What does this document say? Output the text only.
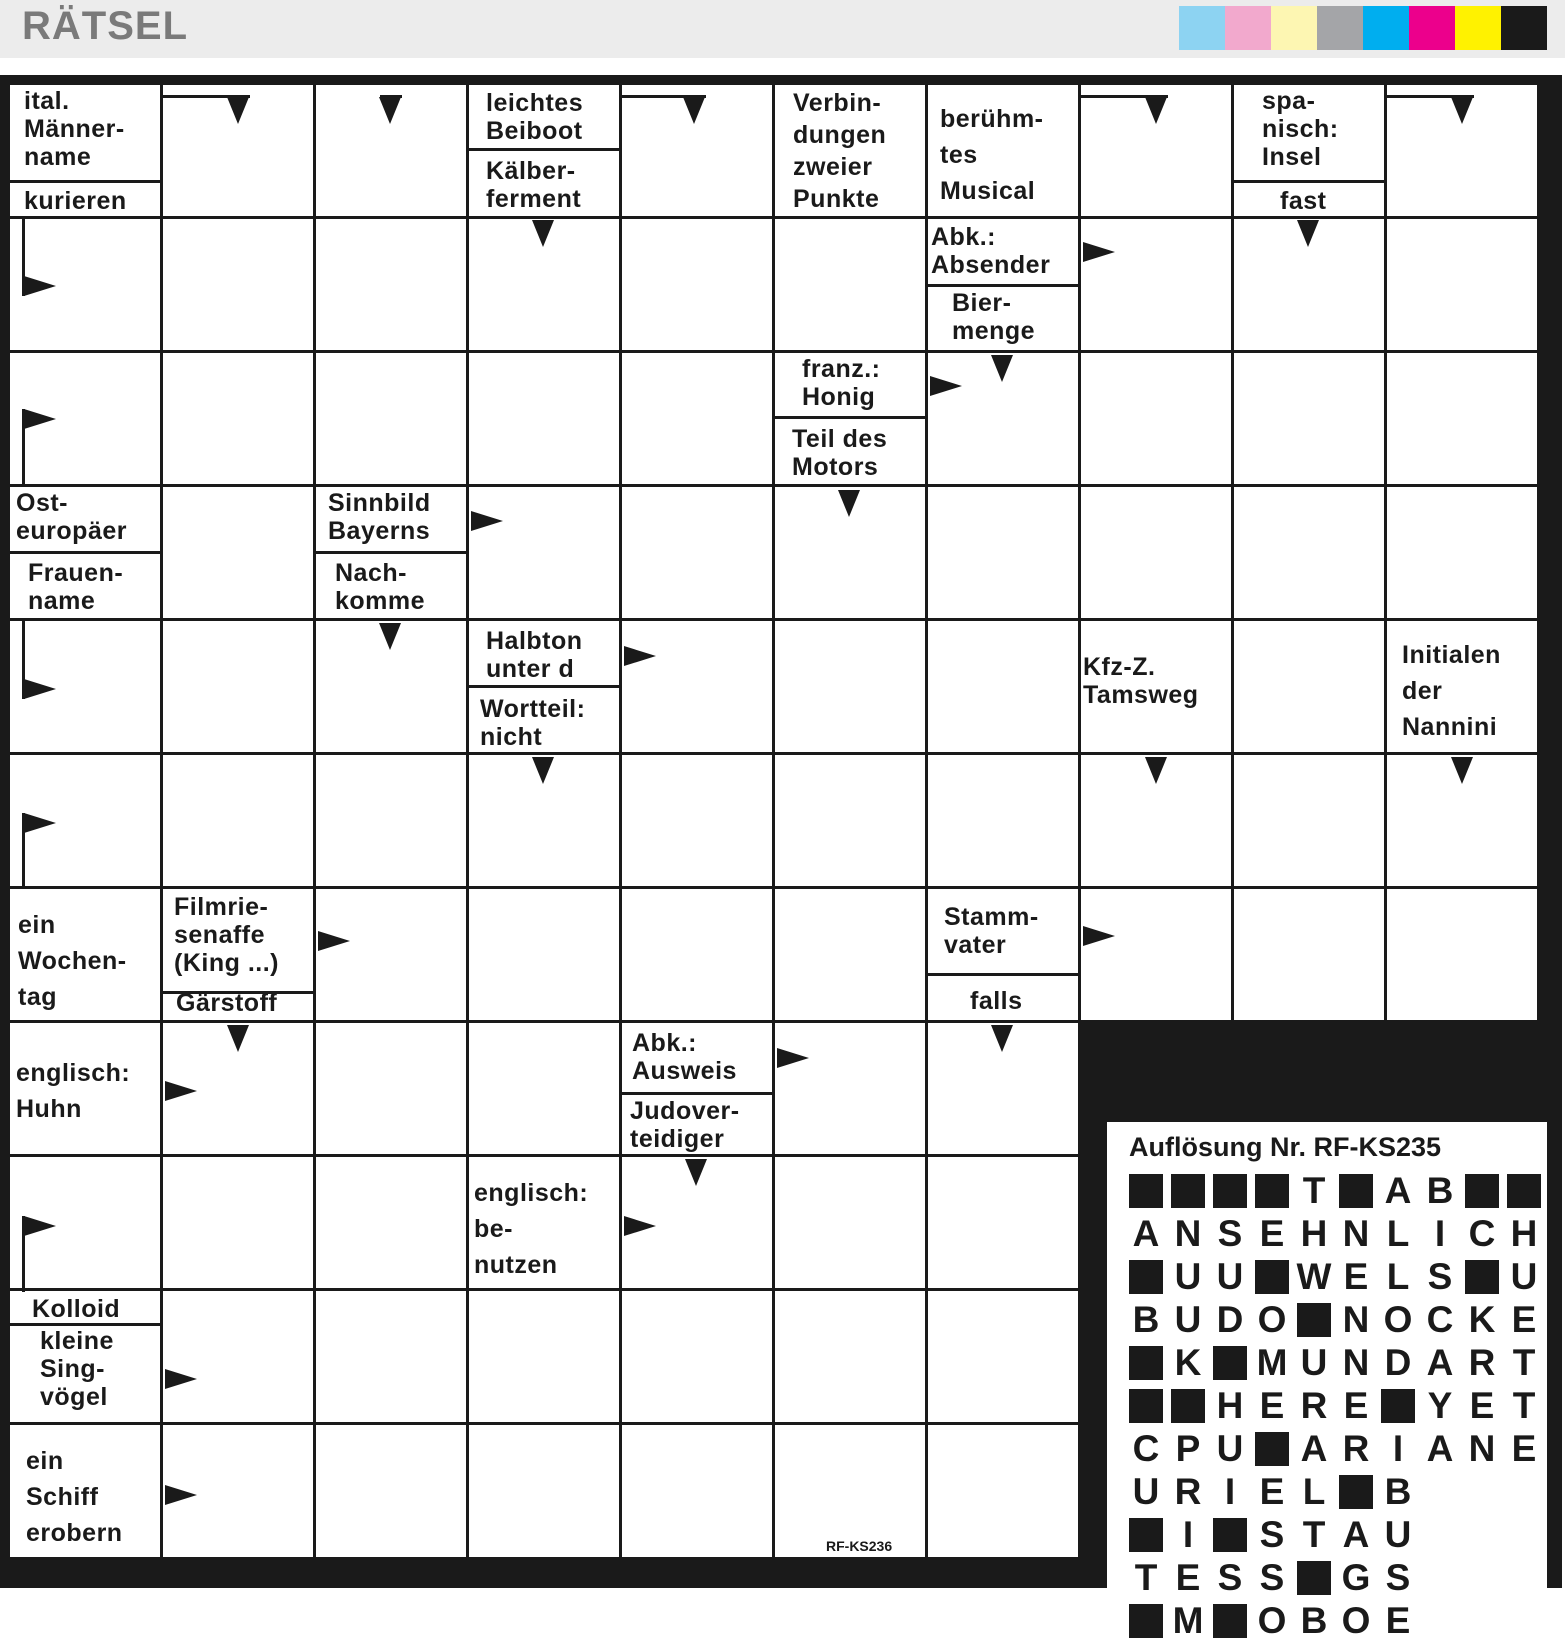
RÄTSEL
ital.
Männer-
name
kurieren
leichtes
Beiboot
Kälber-
ferment
Verbin-
dungen
zweier
Punkte
berühm-
tes
Musical
spa-
nisch:
Insel
fast
Abk.:
Absender
Bier-
menge
franz.:
Honig
Teil des
Motors
Ost-
europäer
Frauen-
name
Sinnbild
Bayerns
Nach-
komme
Halbton
unter d
Wortteil:
nicht
Kfz-Z.
Tamsweg
Initialen
der
Nannini
ein
Wochen-
tag
Filmrie-
senaffe
(King ...)
Gärstoff
Stamm-
vater
falls
englisch:
Huhn
Abk.:
Ausweis
Judover-
teidiger
englisch:
be-
nutzen
Kolloid
kleine
Sing-
vögel
ein
Schiff
erobern
Auflösung Nr. RF-KS235
T A B
A N S E H N L I C H
U U W E L S U
B U D O N O C K E
K M U N D A R T
H E R E Y E T
C P U A R I A N E
U R I E L B
I	S T A U
T E S S G S
M O B O E
RF-KS236
